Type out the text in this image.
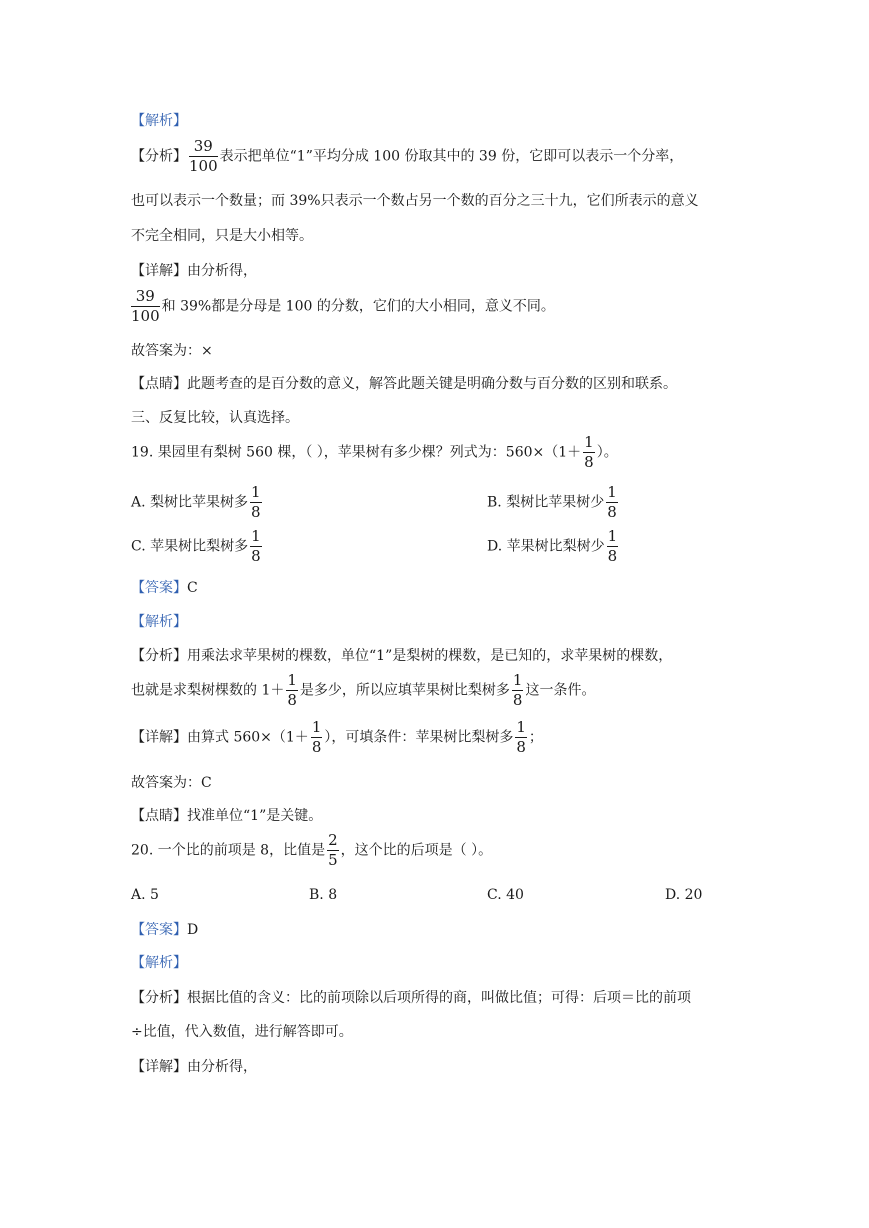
【解析】
【分析】 $\frac{39}{100}$ 表示把单位“1”平均分成 100 份取其中的 39 份，它即可以表示一个分率，
也可以表示一个数量；而 39%只表示一个数占另一个数的百分之三十九，它们所表示的意义
不完全相同，只是大小相等。
【详解】由分析得，
$\frac{39}{100}$ 和 39%都是分母是 100 的分数，它们的大小相同，意义不同。
故答案为：×
【点睛】此题考查的是百分数的意义，解答此题关键是明确分数与百分数的区别和联系。
三、反复比较，认真选择。
19. 果园里有梨树 560 棵，（ ），苹果树有多少棵？列式为：$560\times(1+ \frac{1}{8}$ ）。
A. 梨树比苹果树多 $\frac{1}{8}$	B. 梨树比苹果树少 $\frac{1}{8}$
C. 苹果树比梨树多 $\frac{1}{8}$	D. 苹果树比梨树少 $\frac{1}{8}$
【答案】C
【解析】
【分析】用乘法求苹果树的棵数，单位“1”是梨树的棵数，是已知的，求苹果树的棵数，
也就是求梨树棵数的 $1+ \frac{1}{8}$ 是多少，所以应填苹果树比梨树多 $\frac{1}{8}$ 这一条件。
【详解】由算式 $560\times(1+ \frac{1}{8}$ ），可填条件：苹果树比梨树多 $\frac{1}{8}$ ；
故答案为：C
【点睛】找准单位“1”是关键。
20. 一个比的前项是 8，比值是 $\frac{2}{5}$ ，这个比的后项是（ ）。
A. 5	B. 8	C. 40	D. 20
【答案】D
【解析】
【分析】根据比值的含义：比的前项除以后项所得的商，叫做比值；可得：后项＝比的前项
÷比值，代入数值，进行解答即可。
【详解】由分析得，
